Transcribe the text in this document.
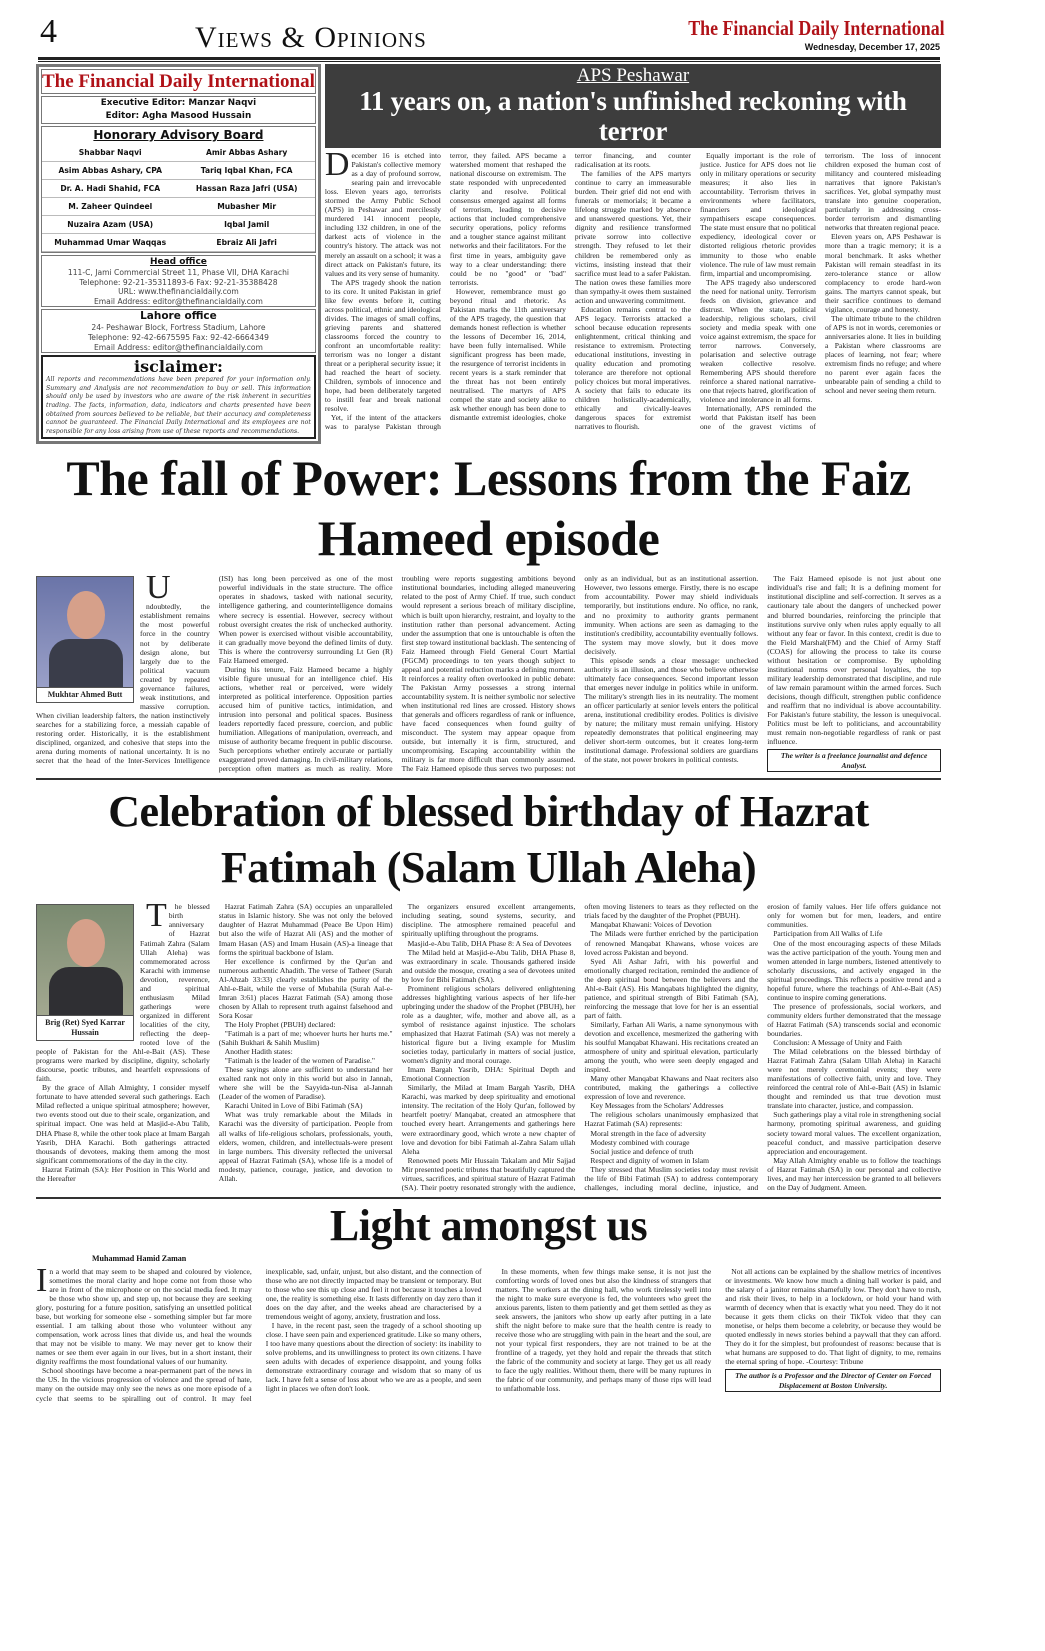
4	Views & Opinions	The Financial Daily International
Wednesday, December 17, 2025
The Financial Daily International
Executive Editor: Manzar Naqvi
Editor: Agha Masood Hussain
Honorary Advisory Board
Shabbar Naqvi	Amir Abbas Ashary
Asim Abbas Ashary, CPA	Tariq Iqbal Khan, FCA
Dr. A. Hadi Shahid, FCA	Hassan Raza Jafri (USA)
M. Zaheer Quindeel	Mubasher Mir
Nuzaira Azam (USA)	Iqbal Jamil
Muhammad Umar Waqqas	Ebraiz Ali Jafri
Head office
111-C, Jami Commercial Street 11, Phase VII, DHA Karachi
Telephone: 92-21-35311893-6 Fax: 92-21-35388428
URL: www.thefinancialdaily.com
Email Address: editor@thefinancialdaily.com
Lahore office
24- Peshawar Block, Fortress Stadium, Lahore
Telephone: 92-42-6675595 Fax: 92-42-6664349
Email Address: editor@thefinancialdaily.com
isclaimer:
All reports and recommendations have been prepared for your information only. Summary and Analysis are not recommendation to buy or sell. This information should only be used by investors who are aware of the risk inherent in securities trading. The facts, information, data, indicators and charts presented have been obtained from sources believed to be reliable, but their accuracy and completeness cannot be guaranteed. The Financial Daily International and its employees are not responsible for any loss arising from use of these reports and recommendations.
APS Peshawar
11 years on, a nation's unfinished reckoning with terror

December 16 is etched into Pakistan's collective memory as a day of profound sorrow, searing pain and irrevocable loss. Eleven years ago, terrorists stormed the Army Public School (APS) in Peshawar and mercilessly murdered 141 innocent people, including 132 children, in one of the darkest acts of violence in the country's history. The attack was not merely an assault on a school; it was a direct attack on Pakistan's future, its values and its very sense of humanity.

The APS tragedy shook the nation to its core. It united Pakistan in grief like few events before it, cutting across political, ethnic and ideological divides. The images of small coffins, grieving parents and shattered classrooms forced the country to confront an uncomfortable reality: terrorism was no longer a distant threat or a peripheral security issue; it had reached the heart of society. Children, symbols of innocence and hope, had been deliberately targeted to instill fear and break national resolve.

Yet, if the intent of the attackers was to paralyse Pakistan through terror, they failed. APS became a watershed moment that reshaped the national discourse on extremism. The state responded with unprecedented clarity and resolve. Political consensus emerged against all forms of terrorism, leading to decisive actions that included comprehensive security operations, policy reforms and a tougher stance against militant networks and their facilitators. For the first time in years, ambiguity gave way to a clear understanding: there could be no "good" or "bad" terrorists.

However, remembrance must go beyond ritual and rhetoric. As Pakistan marks the 11th anniversary of the APS tragedy, the question that demands honest reflection is whether the lessons of December 16, 2014, have been fully internalised. While significant progress has been made, the resurgence of terrorist incidents in recent years is a stark reminder that the threat has not been entirely neutralised. The martyrs of APS compel the state and society alike to ask whether enough has been done to dismantle extremist ideologies, choke terror financing, and counter radicalisation at its roots.

The families of the APS martyrs continue to carry an immeasurable burden. Their grief did not end with funerals or memorials; it became a lifelong struggle marked by absence and unanswered questions. Yet, their dignity and resilience transformed private sorrow into collective strength. They refused to let their children be remembered only as victims, insisting instead that their sacrifice must lead to a safer Pakistan. The nation owes these families more than sympathy-it owes them sustained action and unwavering commitment.

Education remains central to the APS legacy. Terrorists attacked a school because education represents enlightenment, critical thinking and resistance to extremism. Protecting educational institutions, investing in quality education and promoting tolerance are therefore not optional policy choices but moral imperatives. A society that fails to educate its children holistically-academically, ethically and civically-leaves dangerous spaces for extremist narratives to flourish.

Equally important is the role of justice. Justice for APS does not lie only in military operations or security measures; it also lies in accountability. Terrorism thrives in environments where facilitators, financiers and ideological sympathisers escape consequences. The state must ensure that no political expediency, ideological cover or distorted religious rhetoric provides immunity to those who enable violence. The rule of law must remain firm, impartial and uncompromising.

The APS tragedy also underscored the need for national unity. Terrorism feeds on division, grievance and distrust. When the state, political leadership, religious scholars, civil society and media speak with one voice against extremism, the space for terror narrows. Conversely, polarisation and selective outrage weaken collective resolve. Remembering APS should therefore reinforce a shared national narrative-one that rejects hatred, glorification of violence and intolerance in all forms.

Internationally, APS reminded the world that Pakistan itself has been one of the gravest victims of terrorism. The loss of innocent children exposed the human cost of militancy and countered misleading narratives that ignore Pakistan's sacrifices. Yet, global sympathy must translate into genuine cooperation, particularly in addressing cross-border terrorism and dismantling networks that threaten regional peace.

Eleven years on, APS Peshawar is more than a tragic memory; it is a moral benchmark. It asks whether Pakistan will remain steadfast in its zero-tolerance stance or allow complacency to erode hard-won gains. The martyrs cannot speak, but their sacrifice continues to demand vigilance, courage and honesty.

The ultimate tribute to the children of APS is not in words, ceremonies or anniversaries alone. It lies in building a Pakistan where classrooms are places of learning, not fear; where extremism finds no refuge; and where no parent ever again faces the unbearable pain of sending a child to school and never seeing them return.

The fall of Power: Lessons from the Faiz Hameed episode
Mukhtar Ahmed Butt

Undoubtedly, the establishment remains the most powerful force in the country not by deliberate design alone, but largely due to the political vacuum created by repeated governance failures, weak institutions, and massive corruption. When civilian leadership falters, the nation instinctively searches for a stabilizing force, a messiah capable of restoring order. Historically, it is the establishment disciplined, organized, and cohesive that steps into the arena during moments of national uncertainty. It is no secret that the head of the Inter-Services Intelligence (ISI) has long been perceived as one of the most powerful individuals in the state structure. The office operates in shadows, tasked with national security, intelligence gathering, and counterintelligence domains where secrecy is essential. However, secrecy without robust oversight creates the risk of unchecked authority. When power is exercised without visible accountability, it can gradually move beyond the defined limits of duty. This is where the controversy surrounding Lt Gen (R) Faiz Hameed emerged.

During his tenure, Faiz Hameed became a highly visible figure unusual for an intelligence chief. His actions, whether real or perceived, were widely interpreted as political interference. Opposition parties accused him of punitive tactics, intimidation, and intrusion into personal and political spaces. Business leaders reportedly faced pressure, coercion, and public humiliation. Allegations of manipulation, overreach, and misuse of authority became frequent in public discourse. Such perceptions whether entirely accurate or partially exaggerated proved damaging. In civil-military relations, perception often matters as much as reality. More troubling were reports suggesting ambitions beyond institutional boundaries, including alleged maneuvering related to the post of Army Chief. If true, such conduct would represent a serious breach of military discipline, which is built upon hierarchy, restraint, and loyalty to the institution rather than personal advancement. Acting under the assumption that one is untouchable is often the first step toward institutional backlash. The sentencing of Faiz Hameed through Field General Court Martial (FGCM) proceedings to ten years though subject to appeal and potential reduction marks a defining moment. It reinforces a reality often overlooked in public debate: The Pakistan Army possesses a strong internal accountability system. It is neither symbolic nor selective when institutional red lines are crossed. History shows that generals and officers regardless of rank or influence, have faced consequences when found guilty of misconduct. The system may appear opaque from outside, but internally it is firm, structured, and uncompromising. Escaping accountability within the military is far more difficult than commonly assumed. The Faiz Hameed episode thus serves two purposes: not only as an individual, but as an institutional assertion. However, two lessons emerge. Firstly, there is no escape from accountability. Power may shield individuals temporarily, but institutions endure. No office, no rank, and no proximity to authority grants permanent immunity. When actions are seen as damaging to the institution's credibility, accountability eventually follows. The system may move slowly, but it does move decisively.

This episode sends a clear message: unchecked authority is an illusion, and those who believe otherwise ultimately face consequences. Second important lesson that emerges never indulge in politics while in uniform. The military's strength lies in its neutrality. The moment an officer particularly at senior levels enters the political arena, institutional credibility erodes. Politics is divisive by nature; the military must remain unifying. History repeatedly demonstrates that political engineering may deliver short-term outcomes, but it creates long-term institutional damage. Professional soldiers are guardians of the state, not power brokers in political contests.

The Faiz Hameed episode is not just about one individual's rise and fall; It is a defining moment for institutional discipline and self-correction. It serves as a cautionary tale about the dangers of unchecked power and blurred boundaries, reinforcing the principle that institutions survive only when rules apply equally to all without any fear or favor. In this context, credit is due to the Field Marshal(FM) and the Chief of Army Staff (COAS) for allowing the process to take its course without hesitation or compromise. By upholding institutional norms over personal loyalties, the top military leadership demonstrated that discipline, and rule of law remain paramount within the armed forces. Such decisions, though difficult, strengthen public confidence and reaffirm that no individual is above accountability. For Pakistan's future stability, the lesson is unequivocal. Politics must be left to politicians, and accountability must remain non-negotiable regardless of rank or past influence.

The writer is a freelance journalist and defence Analyst.
Celebration of blessed birthday of Hazrat Fatimah (Salam Ullah Aleha)
Brig (Ret) Syed Karrar Hussain

The blessed birth anniversary of Hazrat Fatimah Zahra (Salam Ullah Aleha) was commemorated across Karachi with immense devotion, reverence, and spiritual enthusiasm Milad gatherings were organized in different localities of the city, reflecting the deep-rooted love of the people of Pakistan for the Ahl-e-Bait (AS). These programs were marked by discipline, dignity, scholarly discourse, poetic tributes, and heartfelt expressions of faith.

By the grace of Allah Almighty, I consider myself fortunate to have attended several such gatherings. Each Milad reflected a unique spiritual atmosphere; however, two events stood out due to their scale, organization, and spiritual impact. One was held at Masjid-e-Abu Talib, DHA Phase 8, while the other took place at Imam Bargah Yasrib, DHA Karachi. Both gatherings attracted thousands of devotees, making them among the most significant commemorations of the day in the city.

Hazrat Fatimah (SA): Her Position in This World and the Hereafter

Hazrat Fatimah Zahra (SA) occupies an unparalleled status in Islamic history. She was not only the beloved daughter of Hazrat Muhammad (Peace Be Upon Him) but also the wife of Hazrat Ali (AS) and the mother of Imam Hasan (AS) and Imam Husain (AS)-a lineage that forms the spiritual backbone of Islam.

Her excellence is confirmed by the Qur'an and numerous authentic Ahadith. The verse of Tatheer (Surah Al-Ahzab 33:33) clearly establishes the purity of the Ahl-e-Bait, while the verse of Mubahila (Surah Aal-e-Imran 3:61) places Hazrat Fatimah (SA) among those chosen by Allah to represent truth against falsehood and Sora Kosar

The Holy Prophet (PBUH) declared:

"Fatimah is a part of me; whoever hurts her hurts me." (Sahih Bukhari & Sahih Muslim)

Another Hadith states:

"Fatimah is the leader of the women of Paradise."

These sayings alone are sufficient to understand her exalted rank not only in this world but also in Jannah, where she will be the Sayyida-tun-Nisa al-Jannah (Leader of the women of Paradise).

Karachi United in Love of Bibi Fatimah (SA)

What was truly remarkable about the Milads in Karachi was the diversity of participation. People from all walks of life-religious scholars, professionals, youth, elders, women, children, and intellectuals-were present in large numbers. This diversity reflected the universal appeal of Hazrat Fatimah (SA), whose life is a model of modesty, patience, courage, justice, and devotion to Allah.

The organizers ensured excellent arrangements, including seating, sound systems, security, and discipline. The atmosphere remained peaceful and spiritually uplifting throughout the programs.

Masjid-e-Abu Talib, DHA Phase 8: A Sea of Devotees

The Milad held at Masjid-e-Abu Talib, DHA Phase 8, was extraordinary in scale. Thousands gathered inside and outside the mosque, creating a sea of devotees united by love for Bibi Fatimah (SA).

Prominent religious scholars delivered enlightening addresses highlighting various aspects of her life-her upbringing under the shadow of the Prophet (PBUH), her role as a daughter, wife, mother and above all, as a symbol of resistance against injustice. The scholars emphasized that Hazrat Fatimah (SA) was not merely a historical figure but a living example for Muslim societies today, particularly in matters of social justice, women's dignity and moral courage.

Imam Bargah Yasrib, DHA: Spiritual Depth and Emotional Connection

Similarly, the Milad at Imam Bargah Yasrib, DHA Karachi, was marked by deep spirituality and emotional intensity. The recitation of the Holy Qur'an, followed by heartfelt poetry/ Manqabat, created an atmosphere that touched every heart. Arrangements and gatherings here were extraordinary good, which wrote a new chapter of love and devotion for bibi Fatimah al-Zahra Salam ullah Aleha

Renowned poets Mir Hussain Takalam and Mir Sajjad Mir presented poetic tributes that beautifully captured the virtues, sacrifices, and spiritual stature of Hazrat Fatimah (SA). Their poetry resonated strongly with the audience, often moving listeners to tears as they reflected on the trials faced by the daughter of the Prophet (PBUH).

Manqabat Khawani: Voices of Devotion

The Milads were further enriched by the participation of renowned Manqabat Khawans, whose voices are loved across Pakistan and beyond.

Syed Ali Ashar Jafri, with his powerful and emotionally charged recitation, reminded the audience of the deep spiritual bond between the believers and the Ahl-e-Bait (AS). His Manqabats highlighted the dignity, patience, and spiritual strength of Bibi Fatimah (SA), reinforcing the message that love for her is an essential part of faith.

Similarly, Farhan Ali Waris, a name synonymous with devotion and excellence, mesmerized the gathering with his soulful Manqabat Khawani. His recitations created an atmosphere of unity and spiritual elevation, particularly among the youth, who were seen deeply engaged and inspired.

Many other Manqabat Khawans and Naat reciters also contributed, making the gatherings a collective expression of love and reverence.

Key Messages from the Scholars' Addresses

The religious scholars unanimously emphasized that Hazrat Fatimah (SA) represents:

Moral strength in the face of adversity

Modesty combined with courage

Social justice and defence of truth

Respect and dignity of women in Islam

They stressed that Muslim societies today must revisit the life of Bibi Fatimah (SA) to address contemporary challenges, including moral decline, injustice, and erosion of family values. Her life offers guidance not only for women but for men, leaders, and entire communities.

Participation from All Walks of Life

One of the most encouraging aspects of these Milads was the active participation of the youth. Young men and women attended in large numbers, listened attentively to scholarly discussions, and actively engaged in the spiritual proceedings. This reflects a positive trend and a hopeful future, where the teachings of Ahl-e-Bait (AS) continue to inspire coming generations.

The presence of professionals, social workers, and community elders further demonstrated that the message of Hazrat Fatimah (SA) transcends social and economic boundaries.

Conclusion: A Message of Unity and Faith

The Milad celebrations on the blessed birthday of Hazrat Fatimah Zahra (Salam Ullah Aleha) in Karachi were not merely ceremonial events; they were manifestations of collective faith, unity and love. They reinforced the central role of Ahl-e-Bait (AS) in Islamic thought and reminded us that true devotion must translate into character, justice, and compassion.

Such gatherings play a vital role in strengthening social harmony, promoting spiritual awareness, and guiding society toward moral values. The excellent organization, peaceful conduct, and massive participation deserve appreciation and encouragement.

May Allah Almighty enable us to follow the teachings of Hazrat Fatimah (SA) in our personal and collective lives, and may her intercession be granted to all believers on the Day of Judgment. Ameen.

Light amongst us
Muhammad Hamid Zaman

In a world that may seem to be shaped and coloured by violence, sometimes the moral clarity and hope come not from those who are in front of the microphone or on the social media feed. It may be those who show up, and step up, not because they are seeking glory, posturing for a future position, satisfying an unsettled political base, but working for someone else - something simpler but far more essential. I am talking about those who volunteer without any compensation, work across lines that divide us, and heal the wounds that may not be visible to many. We may never get to know their names or see them ever again in our lives, but in a short instant, their dignity reaffirms the most foundational values of our humanity.

School shootings have become a near-permanent part of the news in the US. In the vicious progression of violence and the spread of hate, many on the outside may only see the news as one more episode of a cycle that seems to be spiralling out of control. It may feel inexplicable, sad, unfair, unjust, but also distant, and the connection of those who are not directly impacted may be transient or temporary. But to those who see this up close and feel it not because it touches a loved one, the reality is something else. It lasts differently on day zero than it does on the day after, and the weeks ahead are characterised by a tremendous weight of agony, anxiety, frustration and loss.

I have, in the recent past, seen the tragedy of a school shooting up close. I have seen pain and experienced gratitude. Like so many others, I too have many questions about the direction of society: its inability to solve problems, and its unwillingness to protect its own citizens. I have seen adults with decades of experience disappoint, and young folks demonstrate extraordinary courage and wisdom that so many of us lack. I have felt a sense of loss about who we are as a people, and seen light in places we often don't look.

In these moments, when few things make sense, it is not just the comforting words of loved ones but also the kindness of strangers that matters. The workers at the dining hall, who work tirelessly well into the night to make sure everyone is fed, the volunteers who greet the anxious parents, listen to them patiently and get them settled as they as seek answers, the janitors who show up early after putting in a late shift the night before to make sure that the health centre is ready to receive those who are struggling with pain in the heart and the soul, are not your typical first responders, they are not trained to be at the frontline of a tragedy, yet they hold and repair the threads that stitch the fabric of the community and society at large. They get us all ready to face the ugly realities. Without them, there will be many ruptures in the fabric of our community, and perhaps many of those rips will lead to unfathomable loss.

Not all actions can be explained by the shallow metrics of incentives or investments. We know how much a dining hall worker is paid, and the salary of a janitor remains shamefully low. They don't have to rush, and risk their lives, to help in a lockdown, or hold your hand with warmth of decency when that is exactly what you need. They do it not because it gets them clicks on their TikTok video that they can monetise, or helps them become a celebrity, or because they would be quoted endlessly in news stories behind a paywall that they can afford. They do it for the simplest, but profoundest of reasons: because that is what humans are supposed to do. That light of dignity, to me, remains the eternal spring of hope. -Courtesy: Tribune

The author is a Professor and the Director of Center on Forced Displacement at Boston University.
